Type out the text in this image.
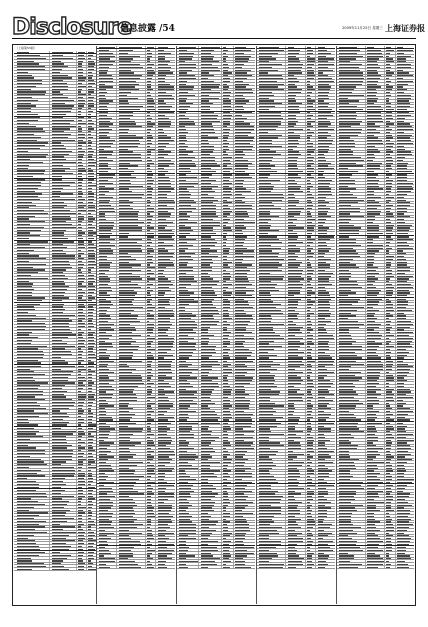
Disclosure
信息披露 /54	2009年11月25日 星期三 上海证券报
（上接第53版）
